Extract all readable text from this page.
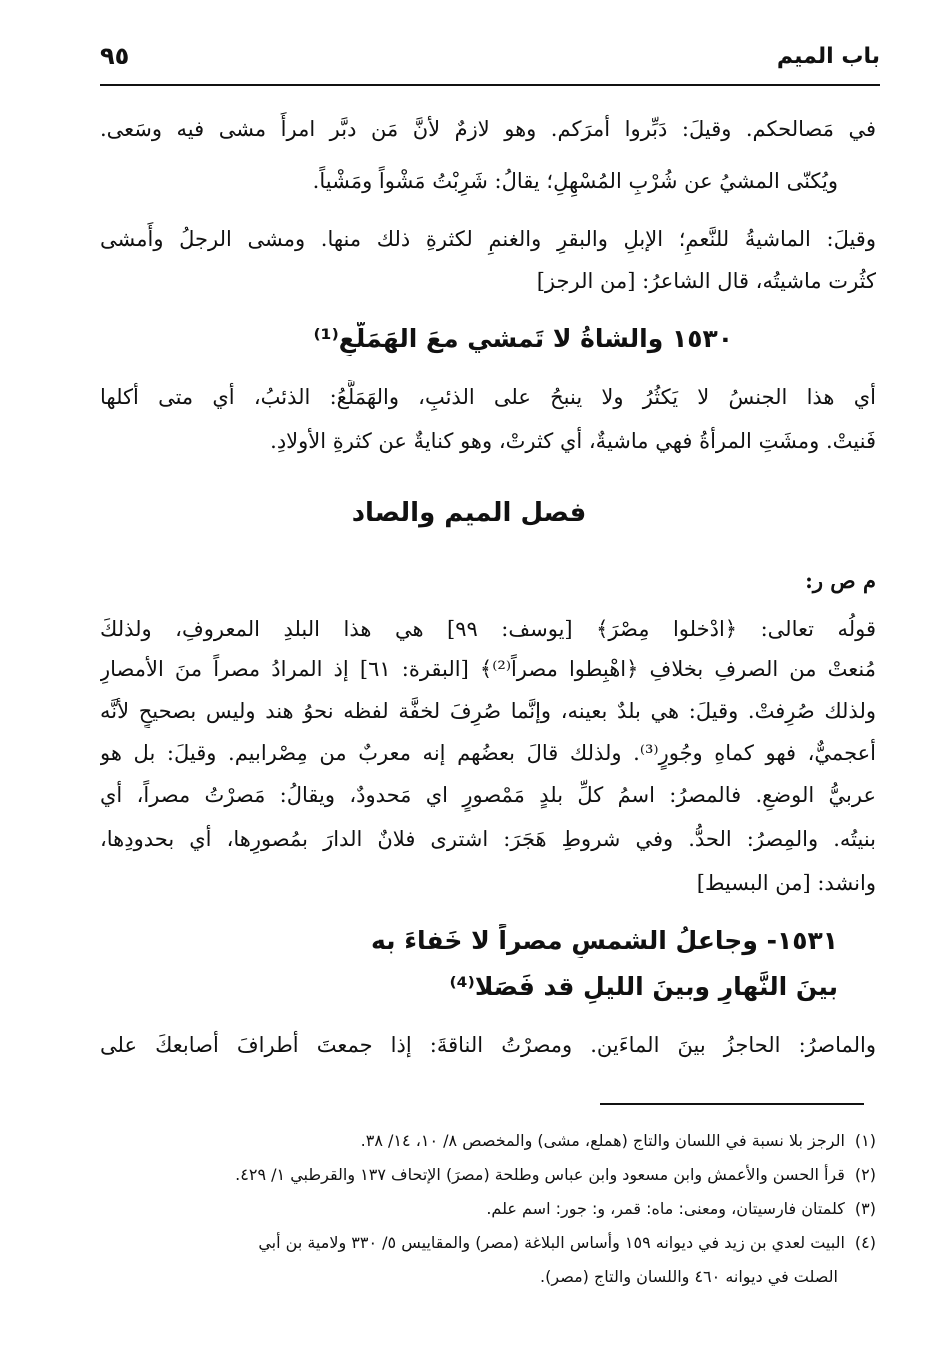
باب الميم
٩٥
في مَصالحكم. وقيلَ: دَبِّروا أمرَكم. وهو لازمٌ لأنَّ مَن دبَّر امرأً مشى فيه وسَعى.
ويُكنّى المشيُ عن شُرْبِ المُسْهِلِ؛ يقالُ: شَرِبْتُ مَشْواً ومَشْياً.
وقيلَ: الماشيةُ للنَّعمِ؛ الإبلِ والبقرِ والغنمِ لكثرةِ ذلك منها. ومشى الرجلُ وأَمشى
كثُرت ماشيتُه، قال الشاعرُ: [من الرجز]
١٥٣٠ والشاةُ لا تَمشي معَ الهَمَلَّعِ⁽¹⁾
أي هذا الجنسُ لا يَكثُرُ ولا ينبحُ على الذئبِ، والهَمَلَّعُ: الذئبُ، أي متى أكلها
فَنيتْ. ومشَتِ المرأةُ فهي ماشيةٌ، أي كثرتْ، وهو كنايةٌ عن كثرةِ الأولادِ.
فصل الميم والصاد
م ص ر:
قولُه تعالى: ﴿ادْخلوا مِصْرَ﴾ [يوسف: ٩٩] هي هذا البلدِ المعروفِ، ولذلكَ
مُنعتْ من الصرفِ بخلافِ ﴿اهْبِطوا مصراً⁽²⁾﴾ [البقرة: ٦١] إذ المرادُ مصراً منَ الأمصارِ
ولذلك صُرِفتْ. وقيلَ: هي بلدٌ بعينه، وإنَّما صُرِفَ لخفَّة لفظه نحوُ هند وليس بصحيحٍ لأنَّه
أعجميٌّ، فهو كماهِ وجُورٍ⁽³⁾. ولذلك قالَ بعضُهم إنه معربٌ من مِصْرابيم. وقيلَ: بل هو
عربيُّ الوضعِ. فالمصرُ: اسمُ كلِّ بلدٍ مَمْصورٍ اي مَحدودٌ، ويقالُ: مَصرْتُ مصراً، أي
بنيتُه. والمِصرُ: الحدُّ. وفي شروطِ هَجَرَ: اشترى فلانٌ الدارَ بمُصورِها، أي بحدودِها،
وانشد: [من البسيط]
١٥٣١- وجاعلُ الشمسِ مصراً لا خَفاءَ به
بينَ النَّهارِ وبينَ الليلِ قد فَصَلا⁽⁴⁾
والماصرُ: الحاجزُ بينَ الماءَين. ومصرْتُ الناقةَ: إذا جمعتَ أطرافَ أصابعكَ على
(١)الرجز بلا نسبة في اللسان والتاج (هملع، مشى) والمخصص ٨/ ١٠، ١٤/ ٣٨.
(٢)قرأ الحسن والأعمش وابن مسعود وابن عباس وطلحة (مصرَ) الإتحاف ١٣٧ والقرطبي ١/ ٤٢٩.
(٣)كلمتان فارسيتان، ومعنى: ماه: قمر، و: جور: اسم علم.
(٤)البيت لعدي بن زيد في ديوانه ١٥٩ وأساس البلاغة (مصر) والمقاييس ٥/ ٣٣٠ ولامية بن أبي
الصلت في ديوانه ٤٦٠ واللسان والتاج (مصر).
